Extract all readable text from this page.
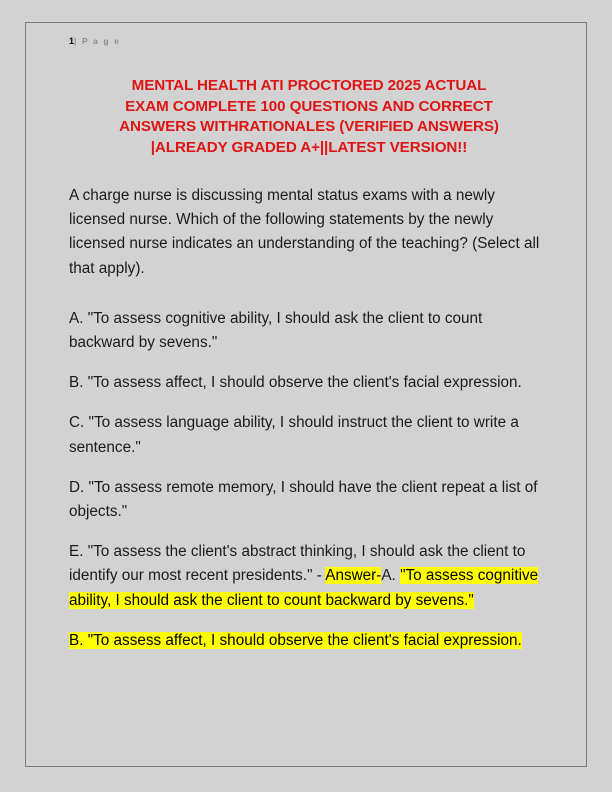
1| P a g e
MENTAL HEALTH ATI PROCTORED 2025 ACTUAL
EXAM COMPLETE 100 QUESTIONS AND CORRECT
ANSWERS WITHRATIONALES (VERIFIED ANSWERS)
|ALREADY GRADED A+||LATEST VERSION!!

A charge nurse is discussing mental status exams with a newly licensed nurse. Which of the following statements by the newly licensed nurse indicates an understanding of the teaching? (Select all that apply).

A. "To assess cognitive ability, I should ask the client to count backward by sevens."

B. "To assess affect, I should observe the client's facial expression.

C. "To assess language ability, I should instruct the client to write a sentence."

D. "To assess remote memory, I should have the client repeat a list of objects."

E. "To assess the client's abstract thinking, I should ask the client to identify our most recent presidents." - Answer-A. "To assess cognitive ability, I should ask the client to count backward by sevens."

B. "To assess affect, I should observe the client's facial expression.
